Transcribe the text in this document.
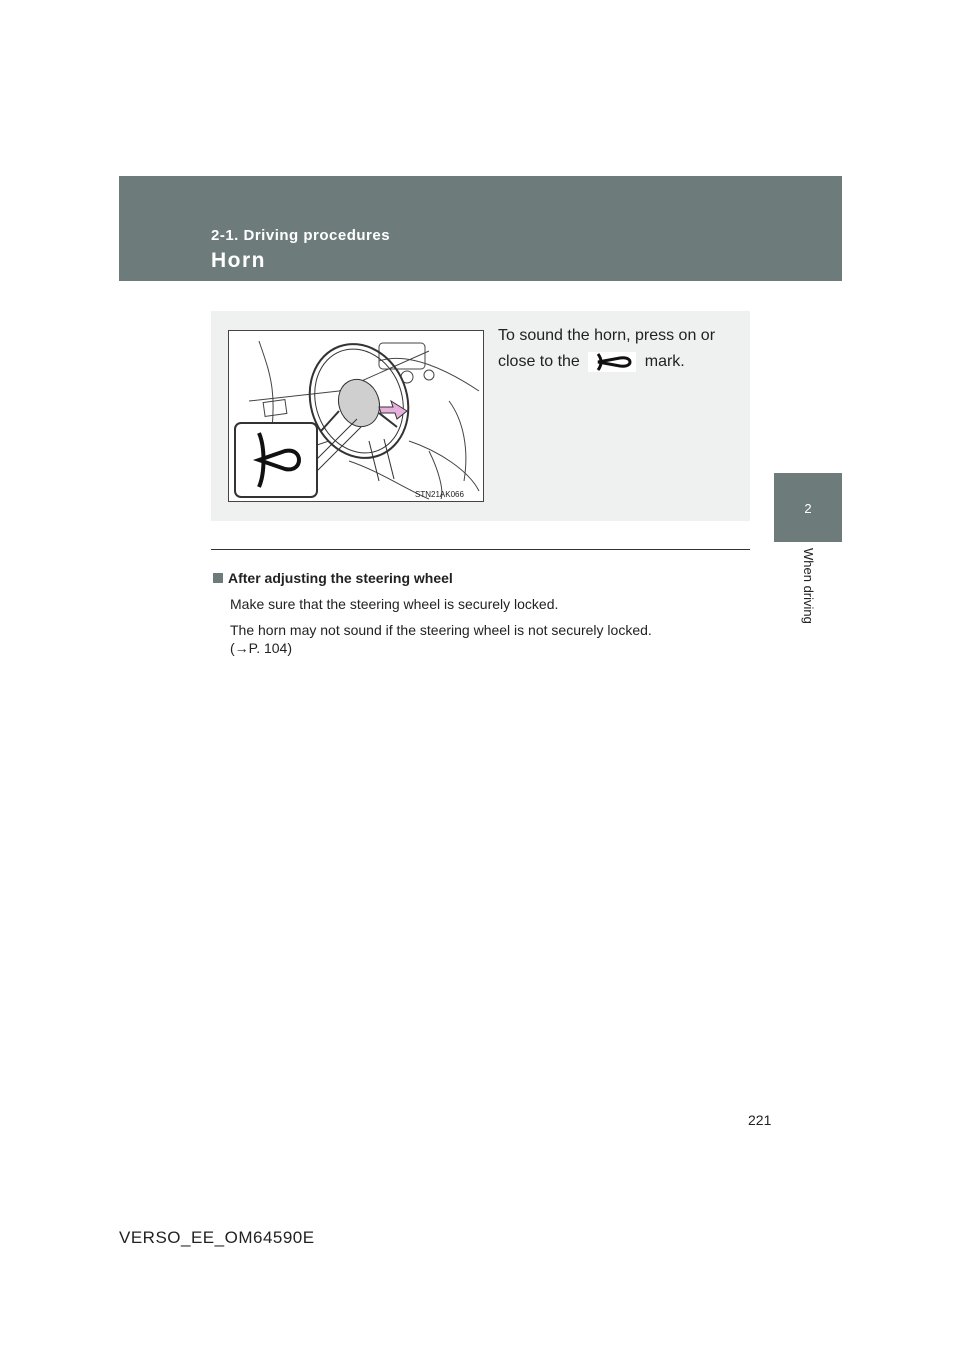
2-1. Driving procedures
Horn
2
When driving
STN21AK066
To sound the horn, press on or close to the	mark.
After adjusting the steering wheel
Make sure that the steering wheel is securely locked.
The horn may not sound if the steering wheel is not securely locked.
(→P. 104)
221
VERSO_EE_OM64590E
